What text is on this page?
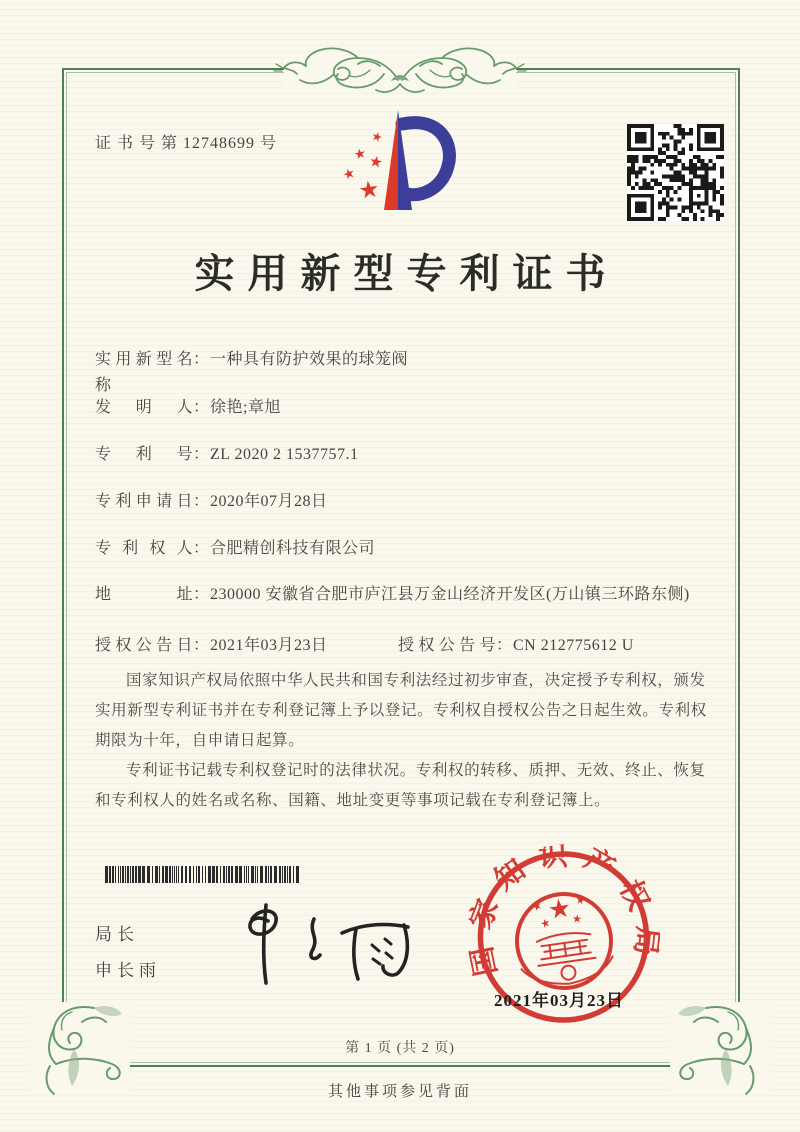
证 书 号 第 12748699 号
实用新型专利证书
实用新型名称
： 一种具有防护效果的球笼阀
发明人 ： 徐艳;章旭
专利号 ： ZL 2020 2 1537757.1
专利申请日 ： 2020年07月28日
专利权人 ： 合肥精创科技有限公司
地址 ： 230000 安徽省合肥市庐江县万金山经济开发区(万山镇三环路东侧)
授权公告日 ： 2021年03月23日	授权公告号 ： CN 212775612 U

国家知识产权局依照中华人民共和国专利法经过初步审查，决定授予专利权，颁发实用新型专利证书并在专利登记簿上予以登记。专利权自授权公告之日起生效。专利权期限为十年，自申请日起算。

专利证书记载专利权登记时的法律状况。专利权的转移、质押、无效、终止、恢复和专利权人的姓名或名称、国籍、地址变更等事项记载在专利登记簿上。

局长
申长雨	国家知识产权局
2021年03月23日
第 1 页 (共 2 页)
其他事项参见背面
